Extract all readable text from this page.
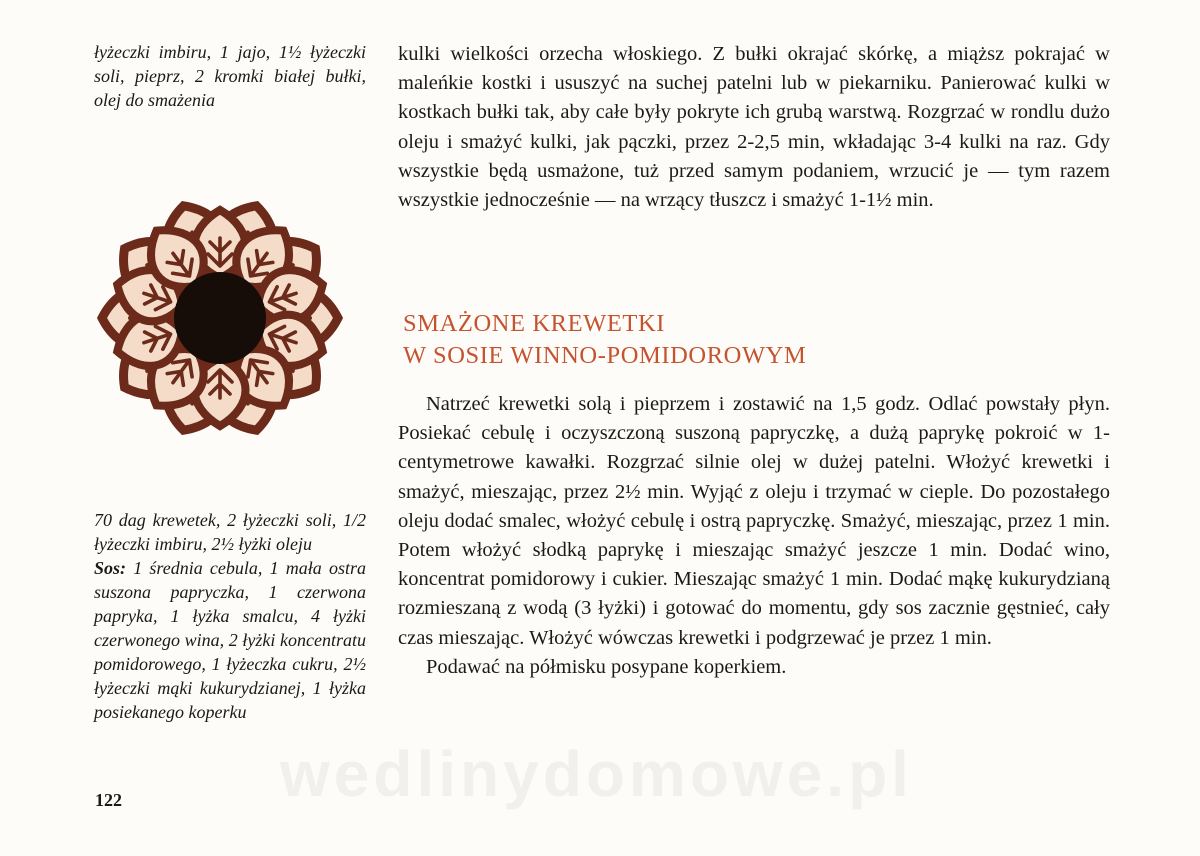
łyżeczki imbiru, 1 jajo, 1½ łyżeczki soli, pieprz, 2 kromki białej bułki, olej do smażenia

70 dag krewetek, 2 łyżeczki soli, 1/2 łyżeczki imbiru, 2½ łyżki oleju

Sos: 1 średnia cebula, 1 mała ostra suszona papryczka, 1 czerwona papryka, 1 łyżka smalcu, 4 łyżki czerwonego wina, 2 łyżki koncentratu pomidorowego, 1 łyżeczka cukru, 2½ łyżeczki mąki kukurydzianej, 1 łyżka posiekanego koperku

122

kulki wielkości orzecha włoskiego. Z bułki okrajać skórkę, a miąższ pokrajać w maleńkie kostki i ususzyć na suchej patelni lub w piekarniku. Panierować kulki w kostkach bułki tak, aby całe były pokryte ich grubą warstwą. Rozgrzać w rondlu dużo oleju i smażyć kulki, jak pączki, przez 2-2,5 min, wkładając 3-4 kulki na raz. Gdy wszystkie będą usmażone, tuż przed samym podaniem, wrzucić je — tym razem wszystkie jednocześnie — na wrzący tłuszcz i smażyć 1-1½ min.

SMAŻONE KREWETKI
W SOSIE WINNO-POMIDOROWYM

Natrzeć krewetki solą i pieprzem i zostawić na 1,5 godz. Odlać powstały płyn. Posiekać cebulę i oczyszczoną suszoną papryczkę, a dużą paprykę pokroić w 1-centymetrowe kawałki. Rozgrzać silnie olej w dużej patelni. Włożyć krewetki i smażyć, mieszając, przez 2½ min. Wyjąć z oleju i trzymać w cieple. Do pozostałego oleju dodać smalec, włożyć cebulę i ostrą papryczkę. Smażyć, mieszając, przez 1 min. Potem włożyć słodką paprykę i mieszając smażyć jeszcze 1 min. Dodać wino, koncentrat pomidorowy i cukier. Mieszając smażyć 1 min. Dodać mąkę kukurydzianą rozmieszaną z wodą (3 łyżki) i gotować do momentu, gdy sos zacznie gęstnieć, cały czas mieszając. Włożyć wówczas krewetki i podgrzewać je przez 1 min.

Podawać na półmisku posypane koperkiem.

wedlinydomowe.pl
